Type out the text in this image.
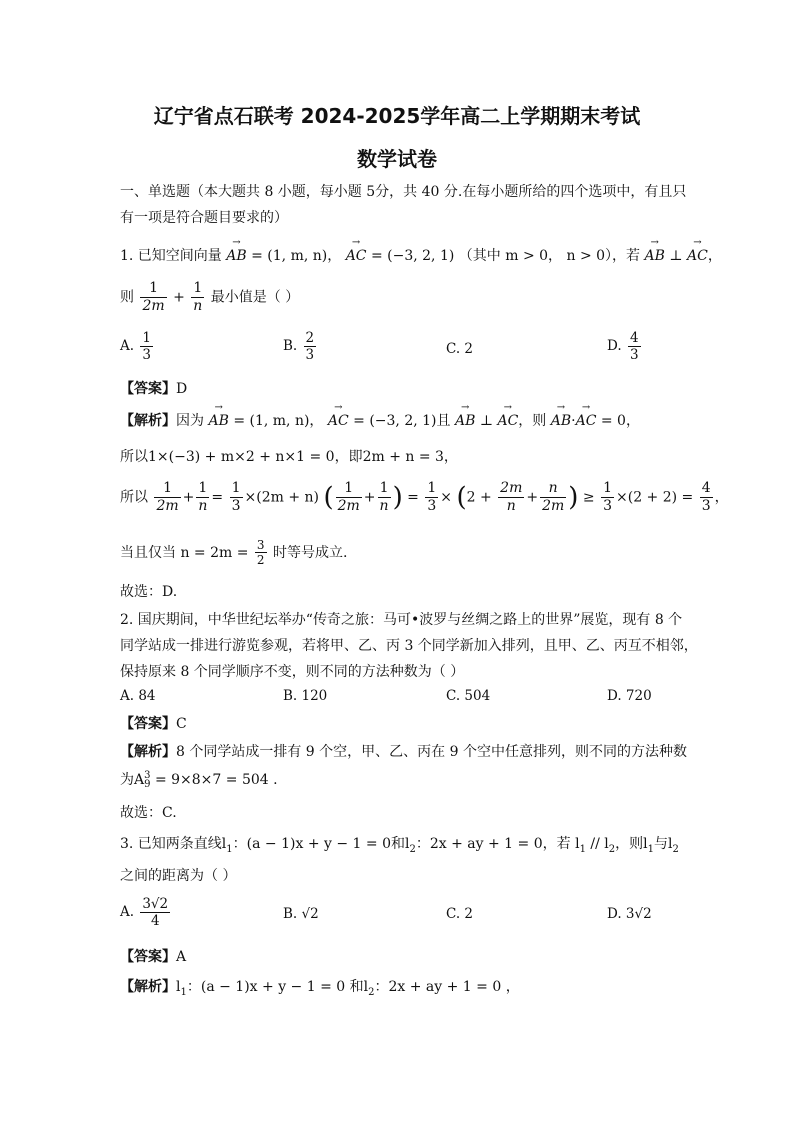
辽宁省点石联考 2024-2025学年高二上学期期末考试
数学试卷
一、单选题（本大题共 8 小题，每小题 5分，共 40 分.在每小题所给的四个选项中，有且只
有一项是符合题目要求的）
1. 已知空间向量 → AB = (1, m, n)， → AC = (−3, 2, 1) （其中 m > 0， n > 0），若 → AB ⊥ → AC，
则 $\frac{1}{2m} + \frac{1}{n}$ 最小值是（ ）
A. $\frac{1}{3}$	B. $\frac{2}{3}$	C. 2	D. $\frac{4}{3}$
【答案】D
【解析】因为 → AB = (1, m, n)， → AC = (−3, 2, 1)且 → AB ⊥ → AC，则 → AB·→ AC = 0，
所以1×(−3) + m×2 + n×1 = 0，即2m + n = 3，
所以 $\frac{1}{2m} + \frac{1}{n} = \frac{1}{3} \times(2m + n)$ ( $\frac{1}{2m} + \frac{1}{n}$ ) = $\frac{1}{3} \times (2 + \frac{2m}{n} + \frac{n}{2m}$ ) ≥ $\frac{1}{3} \times(2 + 2) = \frac{4}{3}$ ，
当且仅当 $n = 2m = \frac{3}{2}$ 时等号成立.
故选：D.
2. 国庆期间，中华世纪坛举办“传奇之旅：马可•波罗与丝绸之路上的世界”展览，现有 8 个
同学站成一排进行游览参观，若将甲、乙、丙 3 个同学新加入排列，且甲、乙、丙互不相邻，
保持原来 8 个同学顺序不变，则不同的方法种数为（ ）
A. 84	B. 120	C. 504	D. 720
【答案】C
【解析】8 个同学站成一排有 9 个空，甲、乙、丙在 9 个空中任意排列，则不同的方法种数
为A 3
9 = 9×8×7 = 504 .
故选：C.
3. 已知两条直线$l_1$：(a − 1)x + y − 1 = 0和$l_2$：2x + ay + 1 = 0，若 $l_1 // l_2$，则$l_1$与$l_2$
之间的距离为（ ）
A. $\frac{3√2}{4}$	B. √2	C. 2	D. 3√2
【答案】A
【解析】$l_1$：(a − 1)x + y − 1 = 0 和$l_2$：2x + ay + 1 = 0 ，
